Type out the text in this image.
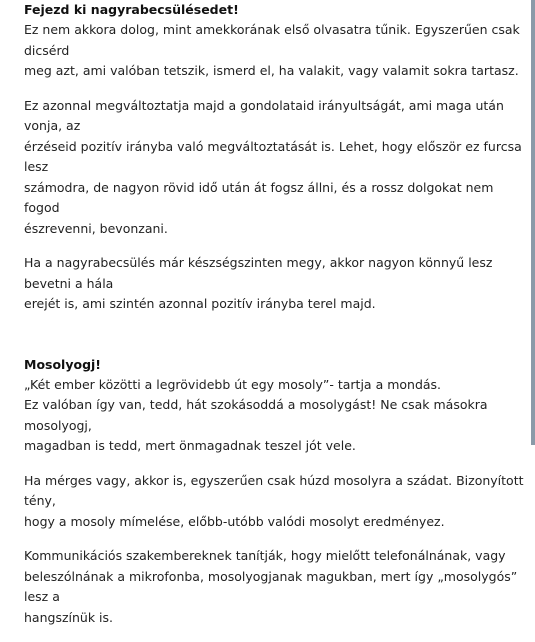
Fejezd ki nagyrabecsülésedet!

Ez nem akkora dolog, mint amekkorának első olvasatra tűnik. Egyszerűen csak dicsérd
meg azt, ami valóban tetszik, ismerd el, ha valakit, vagy valamit sokra tartasz.

Ez azonnal megváltoztatja majd a gondolataid irányultságát, ami maga után vonja, az
érzéseid pozitív irányba való megváltoztatását is. Lehet, hogy először ez furcsa lesz
számodra, de nagyon rövid idő után át fogsz állni, és a rossz dolgokat nem fogod
észrevenni, bevonzani.

Ha a nagyrabecsülés már készségszinten megy, akkor nagyon könnyű lesz bevetni a hála
erejét is, ami szintén azonnal pozitív irányba terel majd.

Mosolyogj!

„Két ember közötti a legrövidebb út egy mosoly”- tartja a mondás.
Ez valóban így van, tedd, hát szokásoddá a mosolygást! Ne csak másokra mosolyogj,
magadban is tedd, mert önmagadnak teszel jót vele.

Ha mérges vagy, akkor is, egyszerűen csak húzd mosolyra a szádat. Bizonyított tény,
hogy a mosoly mímelése, előbb-utóbb valódi mosolyt eredményez.

Kommunikációs szakembereknek tanítják, hogy mielőtt telefonálnának, vagy
beleszólnának a mikrofonba, mosolyogjanak magukban, mert így „mosolygós” lesz a
hangszínük is.
